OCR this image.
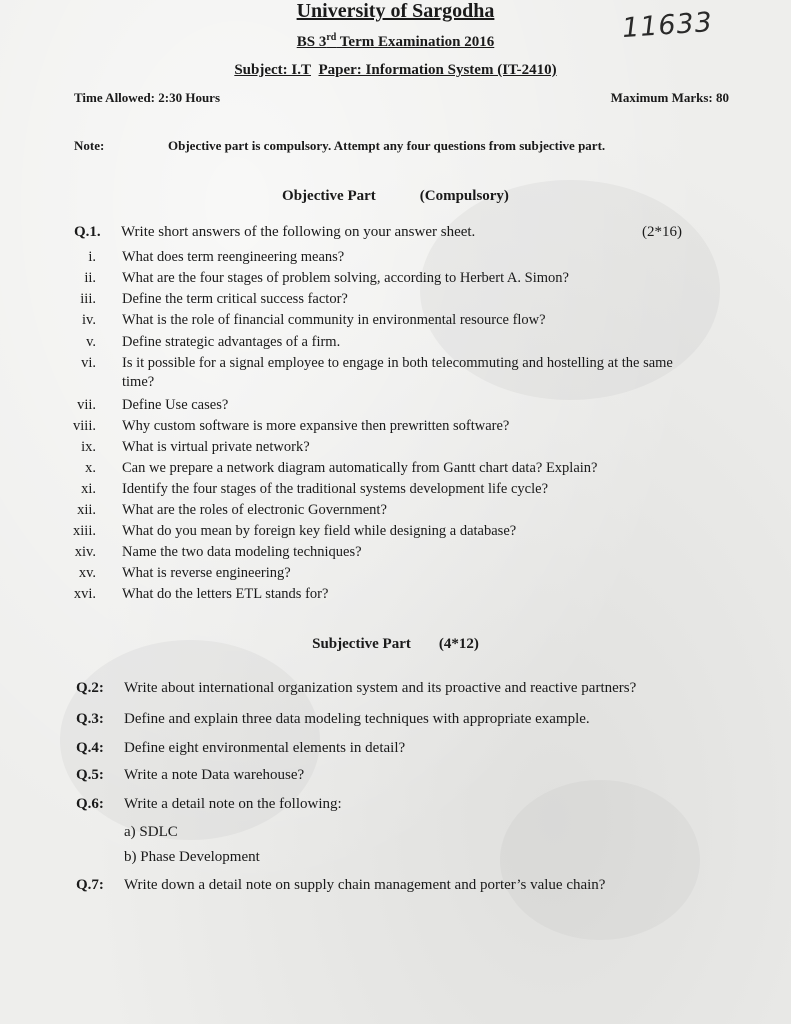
University of Sargodha	11633
BS 3rd Term Examination 2016
Subject: I.T Paper: Information System (IT-2410)
Time Allowed: 2:30 Hours	Maximum Marks: 80
Note:	Objective part is compulsory. Attempt any four questions from subjective part.
Objective Part	(Compulsory)
Q.1. Write short answers of the following on your answer sheet.	(2*16)
i. What does term reengineering means?
ii. What are the four stages of problem solving, according to Herbert A. Simon?
iii. Define the term critical success factor?
iv. What is the role of financial community in environmental resource flow?
v. Define strategic advantages of a firm.
vi. Is it possible for a signal employee to engage in both telecommuting and hostelling at the same
time?
vii. Define Use cases?
viii. Why custom software is more expansive then prewritten software?
ix. What is virtual private network?
x. Can we prepare a network diagram automatically from Gantt chart data? Explain?
xi. Identify the four stages of the traditional systems development life cycle?
xii. What are the roles of electronic Government?
xiii. What do you mean by foreign key field while designing a database?
xiv. Name the two data modeling techniques?
xv. What is reverse engineering?
xvi. What do the letters ETL stands for?
Subjective Part (4*12)
Q.2: Write about international organization system and its proactive and reactive partners?
Q.3: Define and explain three data modeling techniques with appropriate example.
Q.4: Define eight environmental elements in detail?
Q.5: Write a note Data warehouse?
Q.6: Write a detail note on the following:
a) SDLC
b) Phase Development
Q.7: Write down a detail note on supply chain management and porter’s value chain?
